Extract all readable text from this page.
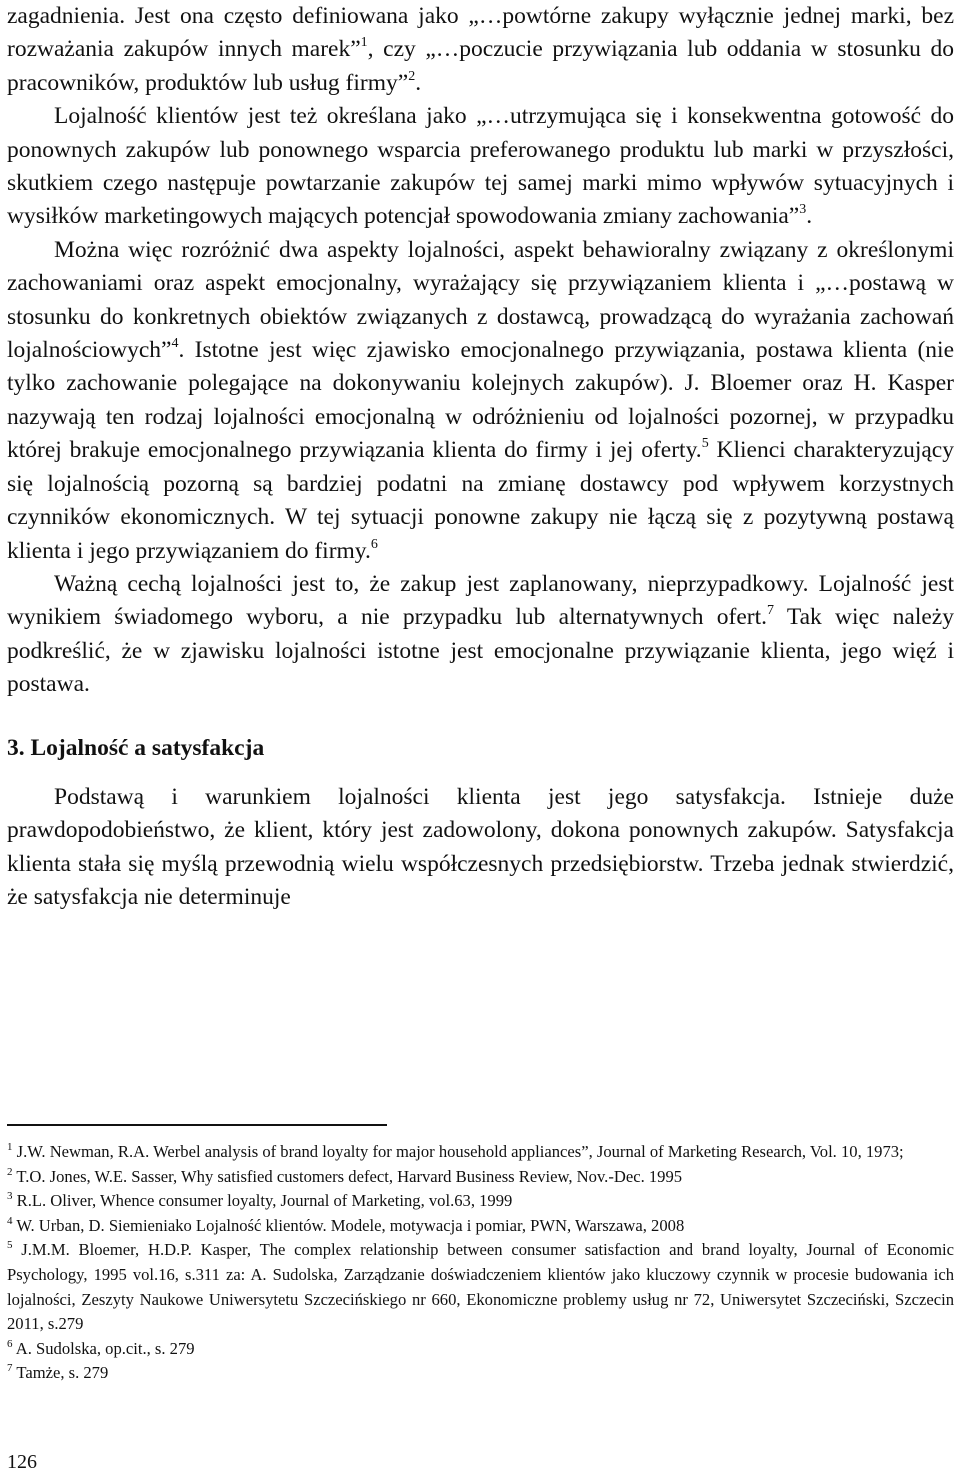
zagadnienia. Jest ona często definiowana jako „…powtórne zakupy wyłącznie jednej marki, bez rozważania zakupów innych marek”$^1$, czy „…poczucie przywiązania lub oddania w stosunku do pracowników, produktów lub usług firmy”$^2$.

Lojalność klientów jest też określana jako „…utrzymująca się i konsekwentna gotowość do ponownych zakupów lub ponownego wsparcia preferowanego produktu lub marki w przyszłości, skutkiem czego następuje powtarzanie zakupów tej samej marki mimo wpływów sytuacyjnych i wysiłków marketingowych mających potencjał spowodowania zmiany zachowania”$^3$.

Można więc rozróżnić dwa aspekty lojalności, aspekt behawioralny związany z określonymi zachowaniami oraz aspekt emocjonalny, wyrażający się przywiązaniem klienta i „…postawą w stosunku do konkretnych obiektów związanych z dostawcą, prowadzącą do wyrażania zachowań lojalnościowych”$^4$. Istotne jest więc zjawisko emocjonalnego przywiązania, postawa klienta (nie tylko zachowanie polegające na dokonywaniu kolejnych zakupów). J. Bloemer oraz H. Kasper nazywają ten rodzaj lojalności emocjonalną w odróżnieniu od lojalności pozornej, w przypadku której brakuje emocjonalnego przywiązania klienta do firmy i jej oferty.$^5$ Klienci charakteryzujący się lojalnością pozorną są bardziej podatni na zmianę dostawcy pod wpływem korzystnych czynników ekonomicznych. W tej sytuacji ponowne zakupy nie łączą się z pozytywną postawą klienta i jego przywiązaniem do firmy.$^6$

Ważną cechą lojalności jest to, że zakup jest zaplanowany, nieprzypadkowy. Lojalność jest wynikiem świadomego wyboru, a nie przypadku lub alternatywnych ofert.$^7$ Tak więc należy podkreślić, że w zjawisku lojalności istotne jest emocjonalne przywiązanie klienta, jego więź i postawa.

3. Lojalność a satysfakcja

Podstawą i warunkiem lojalności klienta jest jego satysfakcja. Istnieje duże prawdopodobieństwo, że klient, który jest zadowolony, dokona ponownych zakupów. Satysfakcja klienta stała się myślą przewodnią wielu współczesnych przedsiębiorstw. Trzeba jednak stwierdzić, że satysfakcja nie determinuje

$^1$ J.W. Newman, R.A. Werbel analysis of brand loyalty for major household appliances”, Journal of Marketing Research, Vol. 10, 1973;

$^2$ T.O. Jones, W.E. Sasser, Why satisfied customers defect, Harvard Business Review, Nov.-Dec. 1995

$^3$ R.L. Oliver, Whence consumer loyalty, Journal of Marketing, vol.63, 1999

$^4$ W. Urban, D. Siemieniako Lojalność klientów. Modele, motywacja i pomiar, PWN, Warszawa, 2008

$^5$ J.M.M. Bloemer, H.D.P. Kasper, The complex relationship between consumer satisfaction and brand loyalty, Journal of Economic Psychology, 1995 vol.16, s.311 za: A. Sudolska, Zarządzanie doświadczeniem klientów jako kluczowy czynnik w procesie budowania ich lojalności, Zeszyty Naukowe Uniwersytetu Szczecińskiego nr 660, Ekonomiczne problemy usług nr 72, Uniwersytet Szczeciński, Szczecin 2011, s.279

$^6$ A. Sudolska, op.cit., s. 279

$^7$ Tamże, s. 279

126
